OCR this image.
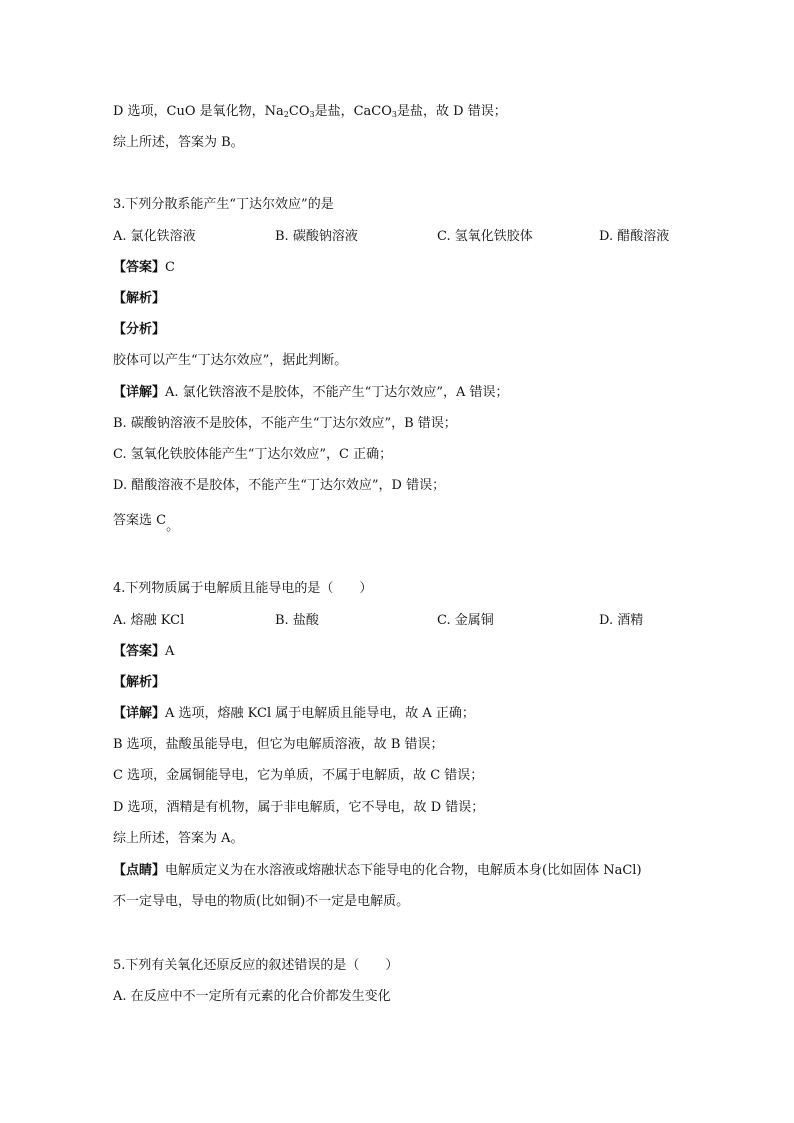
D 选项，CuO 是氧化物，$Na_2CO_3$是盐，CaCO$_3$是盐，故 D 错误；
综上所述，答案为 B。
3.下列分散系能产生“丁达尔效应”的是
A. 氯化铁溶液	B. 碳酸钠溶液	C. 氢氧化铁胶体	D. 醋酸溶液
【答案】C
【解析】
【分析】
胶体可以产生“丁达尔效应”，据此判断。
【详解】A. 氯化铁溶液不是胶体，不能产生“丁达尔效应”，A 错误；
B. 碳酸钠溶液不是胶体，不能产生“丁达尔效应”，B 错误；
C. 氢氧化铁胶体能产生“丁达尔效应”，C 正确；
D. 醋酸溶液不是胶体，不能产生“丁达尔效应”，D 错误；
答案选 C。
4.下列物质属于电解质且能导电的是（　　）
A. 熔融 KCl	B. 盐酸	C. 金属铜	D. 酒精
【答案】A
【解析】
【详解】A 选项，熔融 KCl 属于电解质且能导电，故 A 正确；
B 选项，盐酸虽能导电，但它为电解质溶液，故 B 错误；
C 选项，金属铜能导电，它为单质，不属于电解质，故 C 错误；
D 选项，酒精是有机物，属于非电解质，它不导电，故 D 错误；
综上所述，答案为 A。
【点睛】电解质定义为在水溶液或熔融状态下能导电的化合物，电解质本身(比如固体 NaCl)
不一定导电，导电的物质(比如铜)不一定是电解质。
5.下列有关氧化还原反应的叙述错误的是（　　）
A. 在反应中不一定所有元素的化合价都发生变化
